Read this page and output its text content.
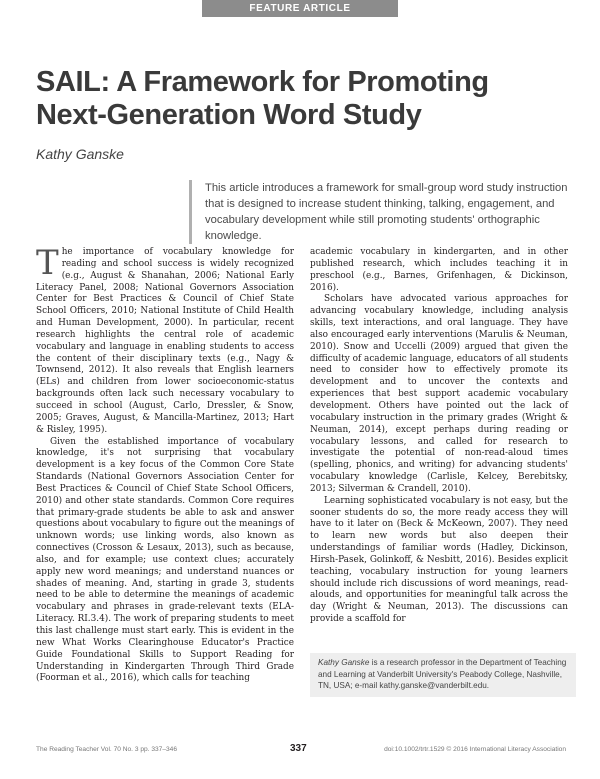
FEATURE ARTICLE
SAIL: A Framework for Promoting Next-Generation Word Study
Kathy Ganske
This article introduces a framework for small-group word study instruction that is designed to increase student thinking, talking, engagement, and vocabulary development while still promoting students' orthographic knowledge.

The importance of vocabulary knowledge for reading and school success is widely recognized (e.g., August & Shanahan, 2006; National Early Literacy Panel, 2008; National Governors Association Center for Best Practices & Council of Chief State School Officers, 2010; National Institute of Child Health and Human Development, 2000). In particular, recent research highlights the central role of academic vocabulary and language in enabling students to access the content of their disciplinary texts (e.g., Nagy & Townsend, 2012). It also reveals that English learners (ELs) and children from lower socioeconomic-status backgrounds often lack such necessary vocabulary to succeed in school (August, Carlo, Dressler, & Snow, 2005; Graves, August, & Mancilla-Martinez, 2013; Hart & Risley, 1995).

Given the established importance of vocabulary knowledge, it's not surprising that vocabulary development is a key focus of the Common Core State Standards (National Governors Association Center for Best Practices & Council of Chief State School Officers, 2010) and other state standards. Common Core requires that primary-grade students be able to ask and answer questions about vocabulary to figure out the meanings of unknown words; use linking words, also known as connectives (Crosson & Lesaux, 2013), such as because, also, and for example; use context clues; accurately apply new word meanings; and understand nuances or shades of meaning. And, starting in grade 3, students need to be able to determine the meanings of academic vocabulary and phrases in grade-relevant texts (ELA-Literacy. RI.3.4). The work of preparing students to meet this last challenge must start early. This is evident in the new What Works Clearinghouse Educator's Practice Guide Foundational Skills to Support Reading for Understanding in Kindergarten Through Third Grade (Foorman et al., 2016), which calls for teaching

academic vocabulary in kindergarten, and in other published research, which includes teaching it in preschool (e.g., Barnes, Grifenhagen, & Dickinson, 2016).

Scholars have advocated various approaches for advancing vocabulary knowledge, including analysis skills, text interactions, and oral language. They have also encouraged early interventions (Marulis & Neuman, 2010). Snow and Uccelli (2009) argued that given the difficulty of academic language, educators of all students need to consider how to effectively promote its development and to uncover the contexts and experiences that best support academic vocabulary development. Others have pointed out the lack of vocabulary instruction in the primary grades (Wright & Neuman, 2014), except perhaps during reading or vocabulary lessons, and called for research to investigate the potential of non-read-aloud times (spelling, phonics, and writing) for advancing students' vocabulary knowledge (Carlisle, Kelcey, Berebitsky, 2013; Silverman & Crandell, 2010).

Learning sophisticated vocabulary is not easy, but the sooner students do so, the more ready access they will have to it later on (Beck & McKeown, 2007). They need to learn new words but also deepen their understandings of familiar words (Hadley, Dickinson, Hirsh-Pasek, Golinkoff, & Nesbitt, 2016). Besides explicit teaching, vocabulary instruction for young learners should include rich discussions of word meanings, read-alouds, and opportunities for meaningful talk across the day (Wright & Neuman, 2013). The discussions can provide a scaffold for

Kathy Ganske is a research professor in the Department of Teaching and Learning at Vanderbilt University's Peabody College, Nashville, TN, USA; e-mail kathy.ganske@vanderbilt.edu.
The Reading Teacher Vol. 70 No. 3 pp. 337–346	337	doi:10.1002/trtr.1529 © 2016 International Literacy Association
